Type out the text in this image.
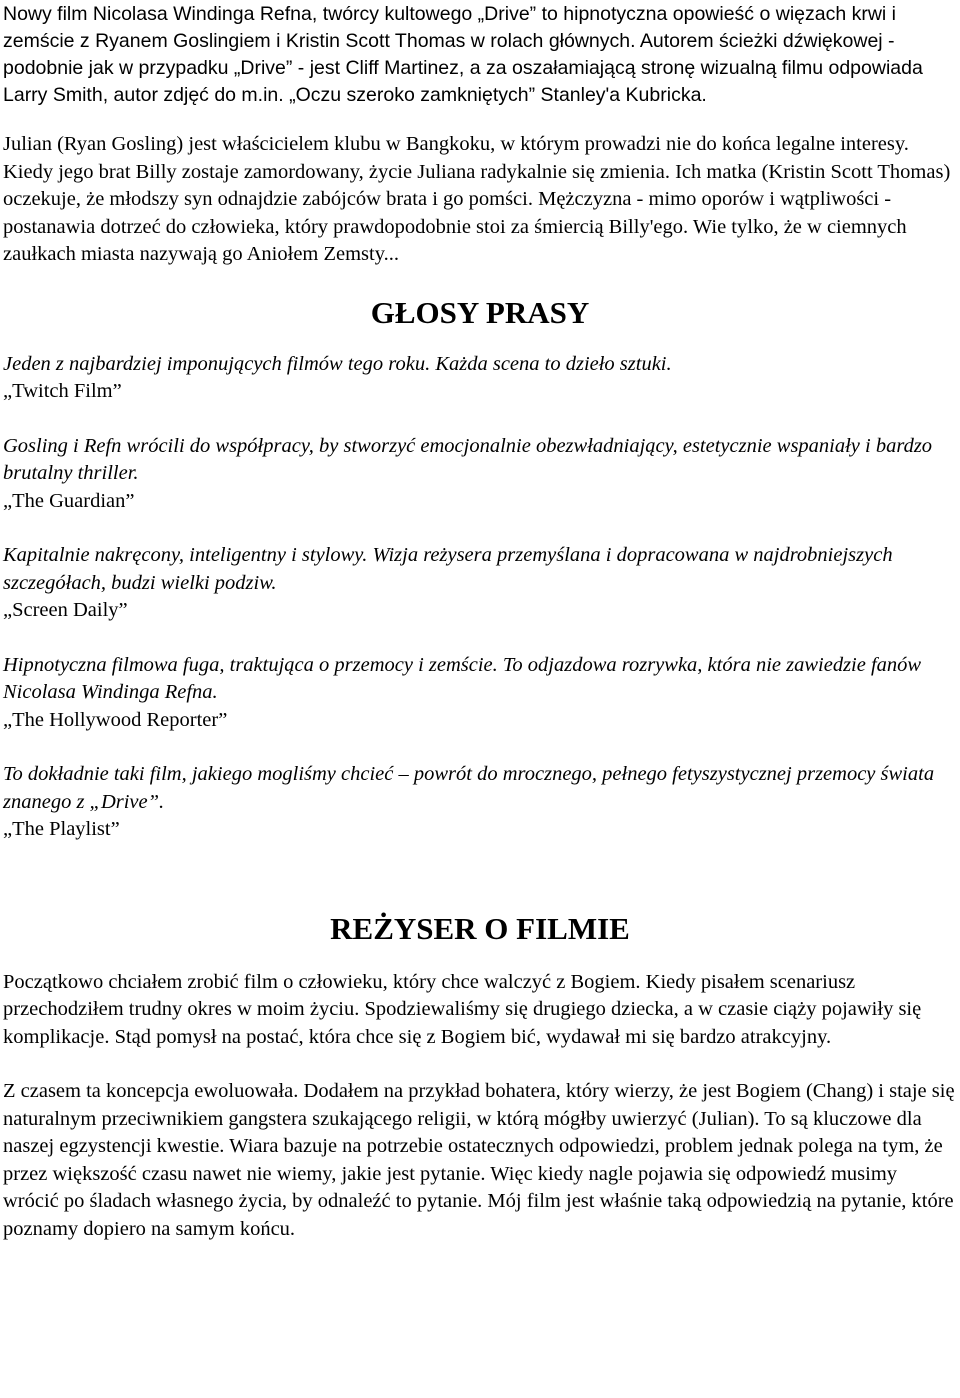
Nowy film Nicolasa Windinga Refna, twórcy kultowego „Drive” to hipnotyczna opowieść o więzach krwi i zemście z Ryanem Goslingiem i Kristin Scott Thomas w rolach głównych. Autorem ścieżki dźwiękowej - podobnie jak w przypadku „Drive” - jest Cliff Martinez, a za oszałamiającą stronę wizualną filmu odpowiada Larry Smith, autor zdjęć do m.in. „Oczu szeroko zamkniętych” Stanley'a Kubricka.

Julian (Ryan Gosling) jest właścicielem klubu w Bangkoku, w którym prowadzi nie do końca legalne interesy. Kiedy jego brat Billy zostaje zamordowany, życie Juliana radykalnie się zmienia. Ich matka (Kristin Scott Thomas) oczekuje, że młodszy syn odnajdzie zabójców brata i go pomści. Mężczyzna - mimo oporów i wątpliwości - postanawia dotrzeć do człowieka, który prawdopodobnie stoi za śmiercią Billy'ego. Wie tylko, że w ciemnych zaułkach miasta nazywają go Aniołem Zemsty...

GŁOSY PRASY
Jeden z najbardziej imponujących filmów tego roku. Każda scena to dzieło sztuki.
„Twitch Film”
Gosling i Refn wrócili do współpracy, by stworzyć emocjonalnie obezwładniający, estetycznie wspaniały i bardzo brutalny thriller.
„The Guardian”
Kapitalnie nakręcony, inteligentny i stylowy. Wizja reżysera przemyślana i dopracowana w najdrobniejszych szczegółach, budzi wielki podziw.
„Screen Daily”
Hipnotyczna filmowa fuga, traktująca o przemocy i zemście. To odjazdowa rozrywka, która nie zawiedzie fanów Nicolasa Windinga Refna.
„The Hollywood Reporter”
To dokładnie taki film, jakiego mogliśmy chcieć – powrót do mrocznego, pełnego fetyszystycznej przemocy świata znanego z „Drive”.
„The Playlist”
REŻYSER O FILMIE

Początkowo chciałem zrobić film o człowieku, który chce walczyć z Bogiem. Kiedy pisałem scenariusz przechodziłem trudny okres w moim życiu. Spodziewaliśmy się drugiego dziecka, a w czasie ciąży pojawiły się komplikacje. Stąd pomysł na postać, która chce się z Bogiem bić, wydawał mi się bardzo atrakcyjny.

Z czasem ta koncepcja ewoluowała. Dodałem na przykład bohatera, który wierzy, że jest Bogiem (Chang) i staje się naturalnym przeciwnikiem gangstera szukającego religii, w którą mógłby uwierzyć (Julian). To są kluczowe dla naszej egzystencji kwestie. Wiara bazuje na potrzebie ostatecznych odpowiedzi, problem jednak polega na tym, że przez większość czasu nawet nie wiemy, jakie jest pytanie. Więc kiedy nagle pojawia się odpowiedź musimy wrócić po śladach własnego życia, by odnaleźć to pytanie. Mój film jest właśnie taką odpowiedzią na pytanie, które poznamy dopiero na samym końcu.
